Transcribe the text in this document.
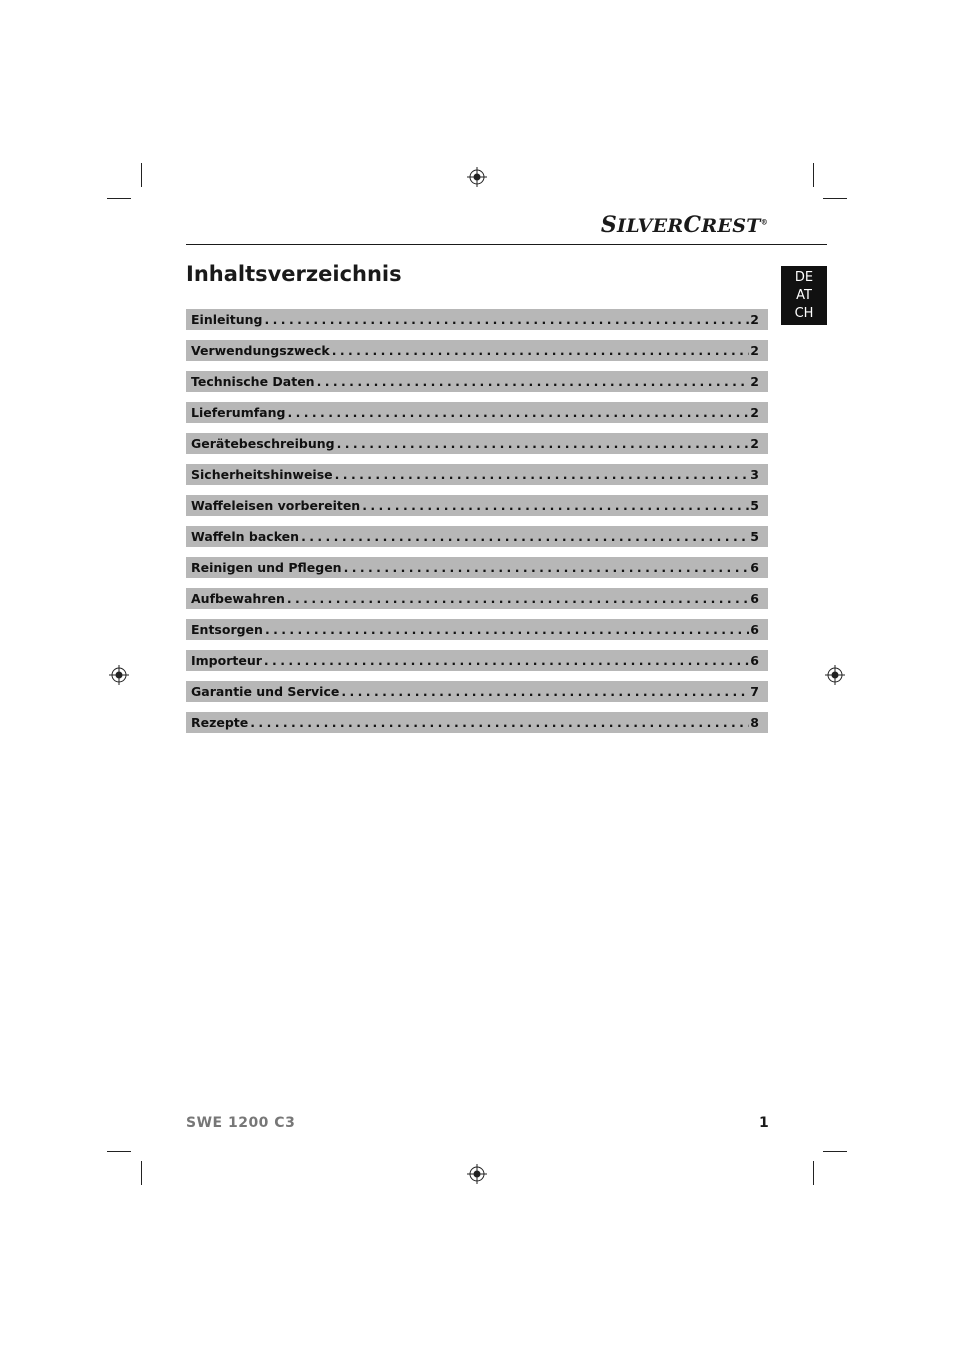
SILVERCREST®
Inhaltsverzeichnis	DE
AT
CH
Einleitung .....	2
Verwendungszweck .....	2
Technische Daten .....	2
Lieferumfang .....	2
Gerätebeschreibung .....	2
Sicherheitshinweise .....	3
Waffeleisen vorbereiten .....	5
Waffeln backen .....	5
Reinigen und Pflegen .....	6
Aufbewahren .....	6
Entsorgen .....	6
Importeur .....	6
Garantie und Service .....	7
Rezepte .....	8
SWE 1200 C3	1
